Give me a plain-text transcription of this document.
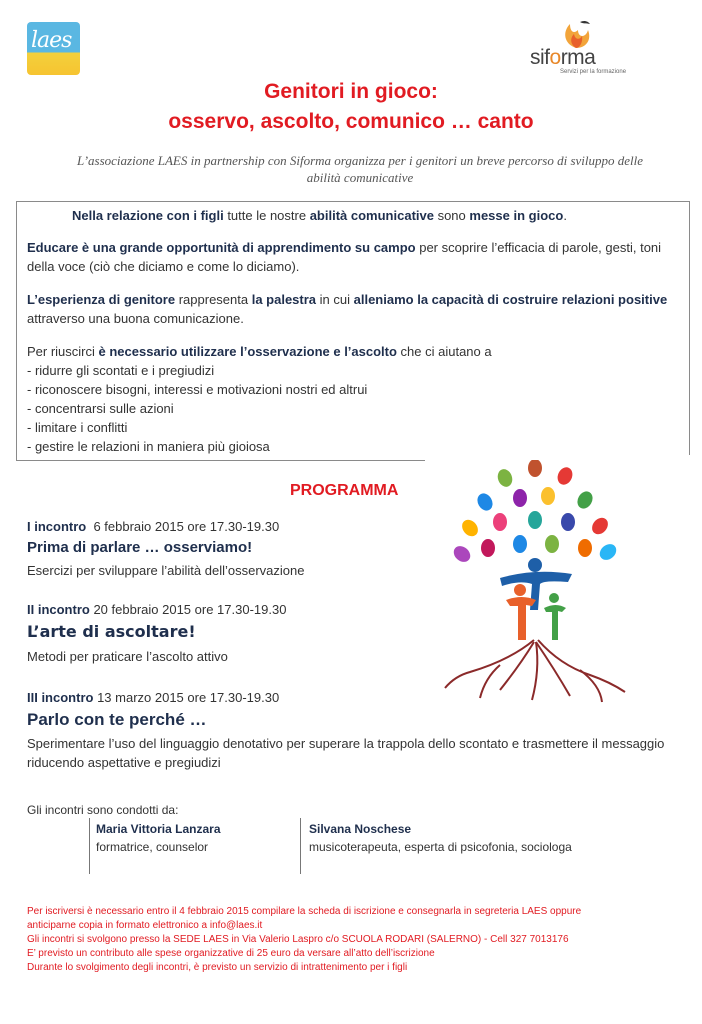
laes
siforma
Servizi per la formazione
Genitori in gioco:
osservo, ascolto, comunico … canto
L’associazione LAES in partnership con Siforma organizza per i genitori un breve percorso di sviluppo delle abilità comunicative
Nella relazione con i figli tutte le nostre abilità comunicative sono messe in gioco.
Educare è una grande opportunità di apprendimento su campo per scoprire l’efficacia di parole, gesti, toni della voce (ciò che diciamo e come lo diciamo).
L’esperienza di genitore rappresenta la palestra in cui alleniamo la capacità di costruire relazioni positive attraverso una buona comunicazione.
Per riuscirci è necessario utilizzare l’osservazione e l’ascolto che ci aiutano a
- ridurre gli scontati e i pregiudizi
- riconoscere bisogni, interessi e motivazioni nostri ed altrui
- concentrarsi sulle azioni
- limitare i conflitti
- gestire le relazioni in maniera più gioiosa
PROGRAMMA
I incontro  6 febbraio 2015 ore 17.30-19.30
Prima di parlare … osserviamo!
Esercizi per sviluppare l’abilità dell’osservazione
II incontro 20 febbraio 2015 ore 17.30-19.30
L’arte di ascoltare!
Metodi per praticare l’ascolto attivo
III incontro 13 marzo 2015 ore 17.30-19.30
Parlo con te perché …
Sperimentare l’uso del linguaggio denotativo per superare la trappola dello scontato e trasmettere il messaggio riducendo aspettative e pregiudizi
Gli incontri sono condotti da:
Maria Vittoria Lanzara
formatrice, counselor
Silvana Noschese
musicoterapeuta, esperta di psicofonia, sociologa
Per iscriversi è necessario entro il 4 febbraio 2015 compilare la scheda di iscrizione e consegnarla in segreteria LAES oppure
anticiparne copia in formato elettronico a info@laes.it
Gli incontri si svolgono presso la SEDE LAES in Via Valerio Laspro c/o SCUOLA RODARI (SALERNO) - Cell 327 7013176
E’ previsto un contributo alle spese organizzative di 25 euro da versare all’atto dell’iscrizione
Durante lo svolgimento degli incontri, è previsto un servizio di intrattenimento per i figli
